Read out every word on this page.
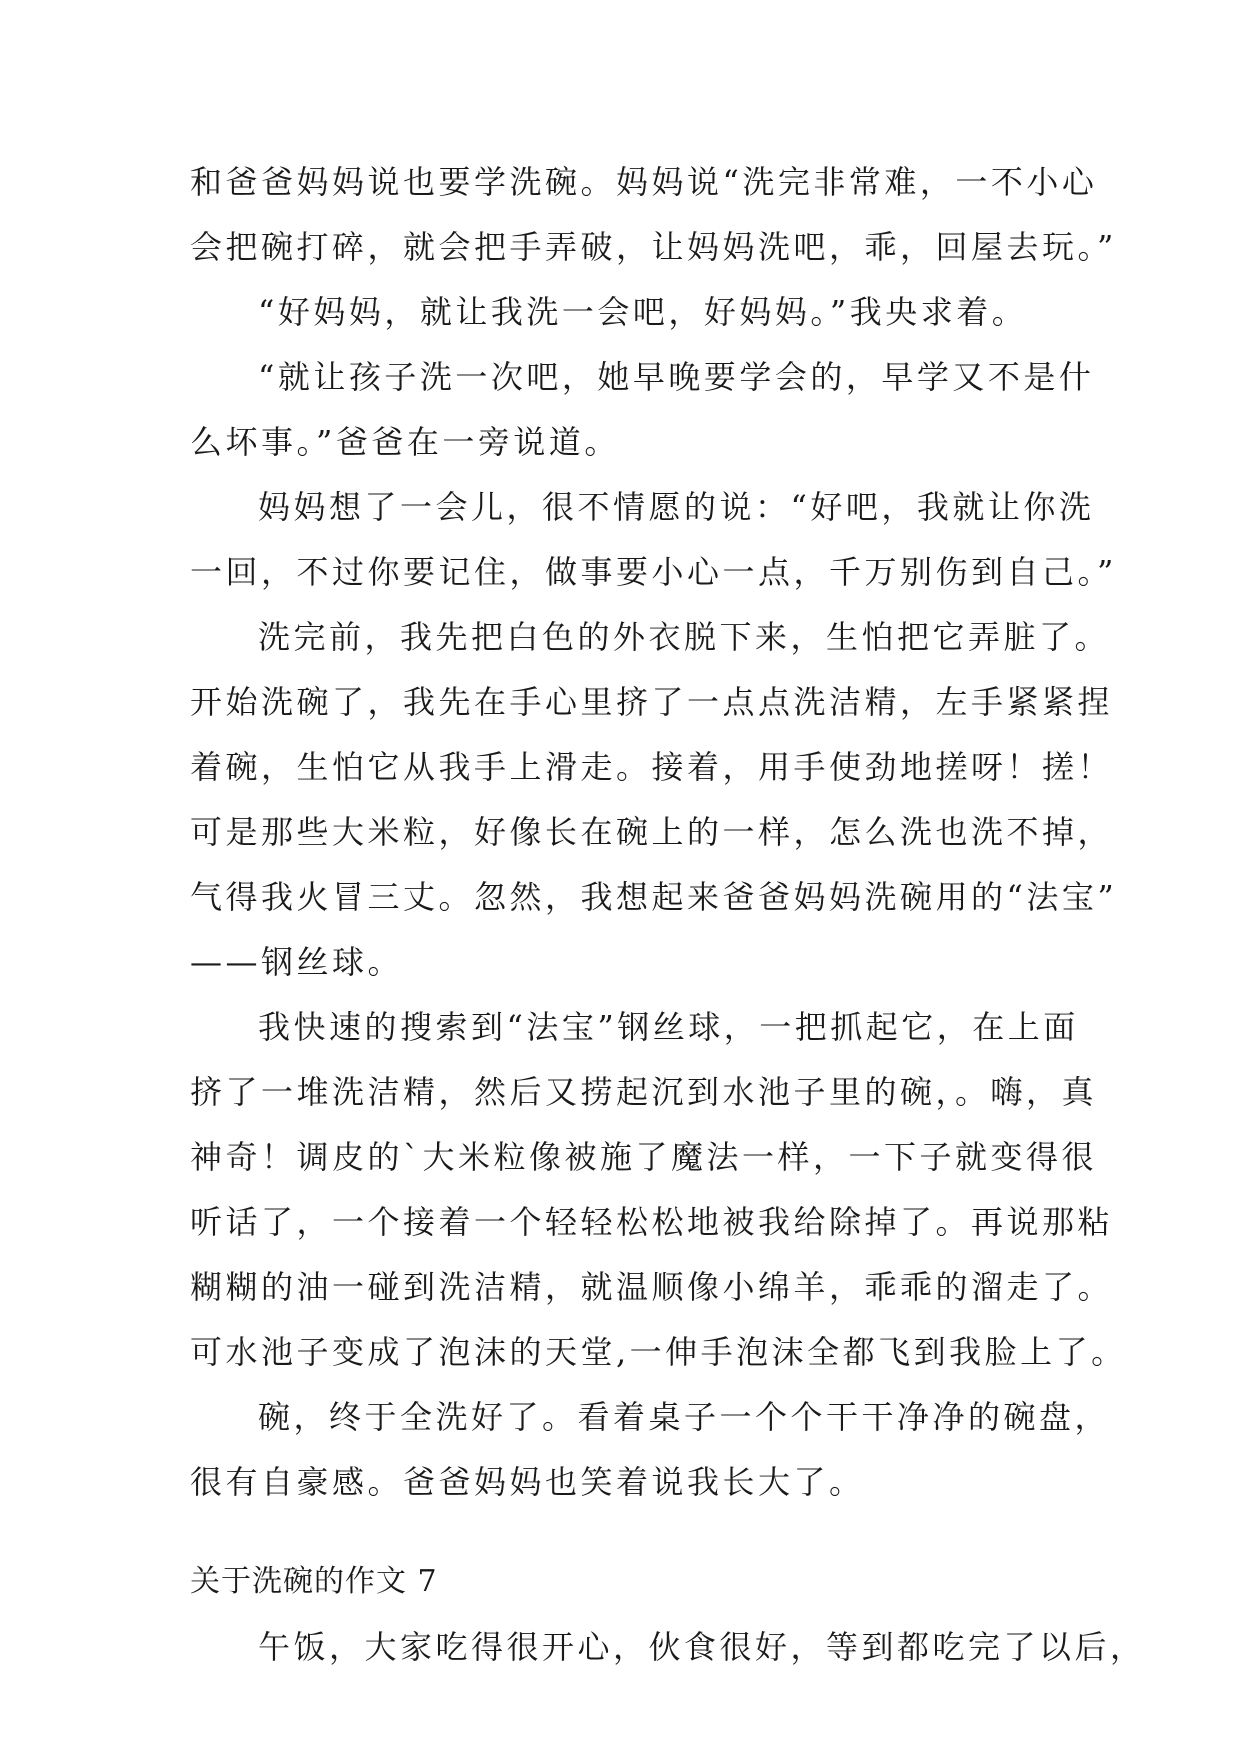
和爸爸妈妈说也要学洗碗。妈妈说“洗完非常难，一不小心
会把碗打碎，就会把手弄破，让妈妈洗吧，乖，回屋去玩。”
“好妈妈，就让我洗一会吧，好妈妈。”我央求着。
“就让孩子洗一次吧，她早晚要学会的，早学又不是什
么坏事。”爸爸在一旁说道。
妈妈想了一会儿，很不情愿的说：“好吧，我就让你洗
一回，不过你要记住，做事要小心一点，千万别伤到自己。”
洗完前，我先把白色的外衣脱下来，生怕把它弄脏了。
开始洗碗了，我先在手心里挤了一点点洗洁精，左手紧紧捏
着碗，生怕它从我手上滑走。接着，用手使劲地搓呀！搓！
可是那些大米粒，好像长在碗上的一样，怎么洗也洗不掉，
气得我火冒三丈。忽然，我想起来爸爸妈妈洗碗用的“法宝”
——钢丝球。
我快速的搜索到“法宝”钢丝球，一把抓起它，在上面
挤了一堆洗洁精，然后又捞起沉到水池子里的碗，。嗨，真
神奇！调皮的`大米粒像被施了魔法一样，一下子就变得很
听话了，一个接着一个轻轻松松地被我给除掉了。再说那粘
糊糊的油一碰到洗洁精，就温顺像小绵羊，乖乖的溜走了。
可水池子变成了泡沫的天堂,一伸手泡沫全都飞到我脸上了。
碗，终于全洗好了。看着桌子一个个干干净净的碗盘，
很有自豪感。爸爸妈妈也笑着说我长大了。
关于洗碗的作文 7
午饭，大家吃得很开心，伙食很好，等到都吃完了以后，
